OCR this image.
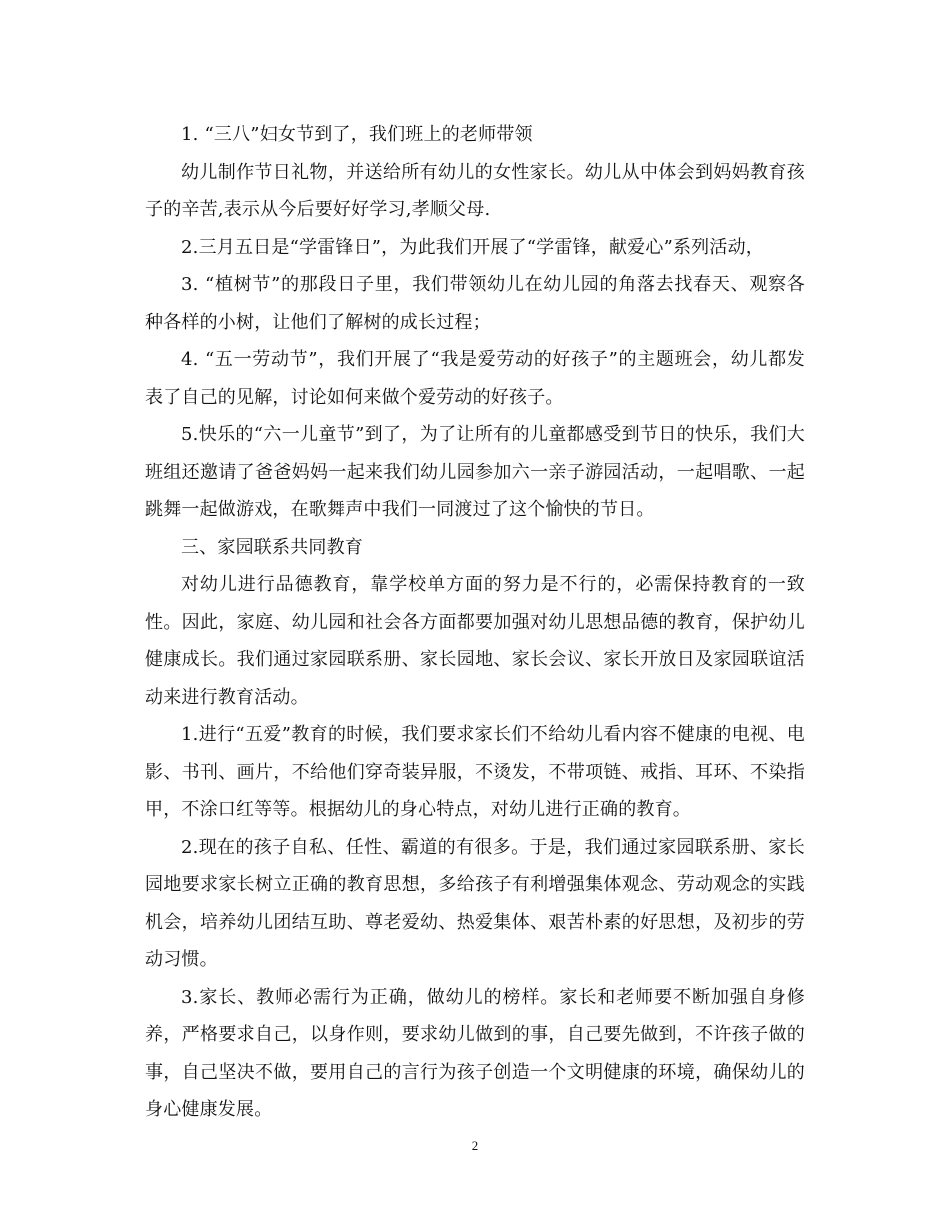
1. “三八”妇女节到了，我们班上的老师带领

幼儿制作节日礼物，并送给所有幼儿的女性家长。幼儿从中体会到妈妈教育孩子的辛苦,表示从今后要好好学习,孝顺父母.

2.三月五日是“学雷锋日”，为此我们开展了“学雷锋，献爱心”系列活动，

3. “植树节”的那段日子里，我们带领幼儿在幼儿园的角落去找春天、观察各种各样的小树，让他们了解树的成长过程；

4. “五一劳动节”，我们开展了“我是爱劳动的好孩子”的主题班会，幼儿都发表了自己的见解，讨论如何来做个爱劳动的好孩子。

5.快乐的“六一儿童节”到了，为了让所有的儿童都感受到节日的快乐，我们大班组还邀请了爸爸妈妈一起来我们幼儿园参加六一亲子游园活动，一起唱歌、一起跳舞一起做游戏，在歌舞声中我们一同渡过了这个愉快的节日。

三、家园联系共同教育

对幼儿进行品德教育，靠学校单方面的努力是不行的，必需保持教育的一致性。因此，家庭、幼儿园和社会各方面都要加强对幼儿思想品德的教育，保护幼儿健康成长。我们通过家园联系册、家长园地、家长会议、家长开放日及家园联谊活动来进行教育活动。

1.进行“五爱”教育的时候，我们要求家长们不给幼儿看内容不健康的电视、电影、书刊、画片，不给他们穿奇装异服，不烫发，不带项链、戒指、耳环、不染指甲，不涂口红等等。根据幼儿的身心特点，对幼儿进行正确的教育。

2.现在的孩子自私、任性、霸道的有很多。于是，我们通过家园联系册、家长园地要求家长树立正确的教育思想，多给孩子有利增强集体观念、劳动观念的实践机会，培养幼儿团结互助、尊老爱幼、热爱集体、艰苦朴素的好思想，及初步的劳动习惯。

3.家长、教师必需行为正确，做幼儿的榜样。家长和老师要不断加强自身修养，严格要求自己，以身作则，要求幼儿做到的事，自己要先做到，不许孩子做的事，自己坚决不做，要用自己的言行为孩子创造一个文明健康的环境，确保幼儿的身心健康发展。

2
